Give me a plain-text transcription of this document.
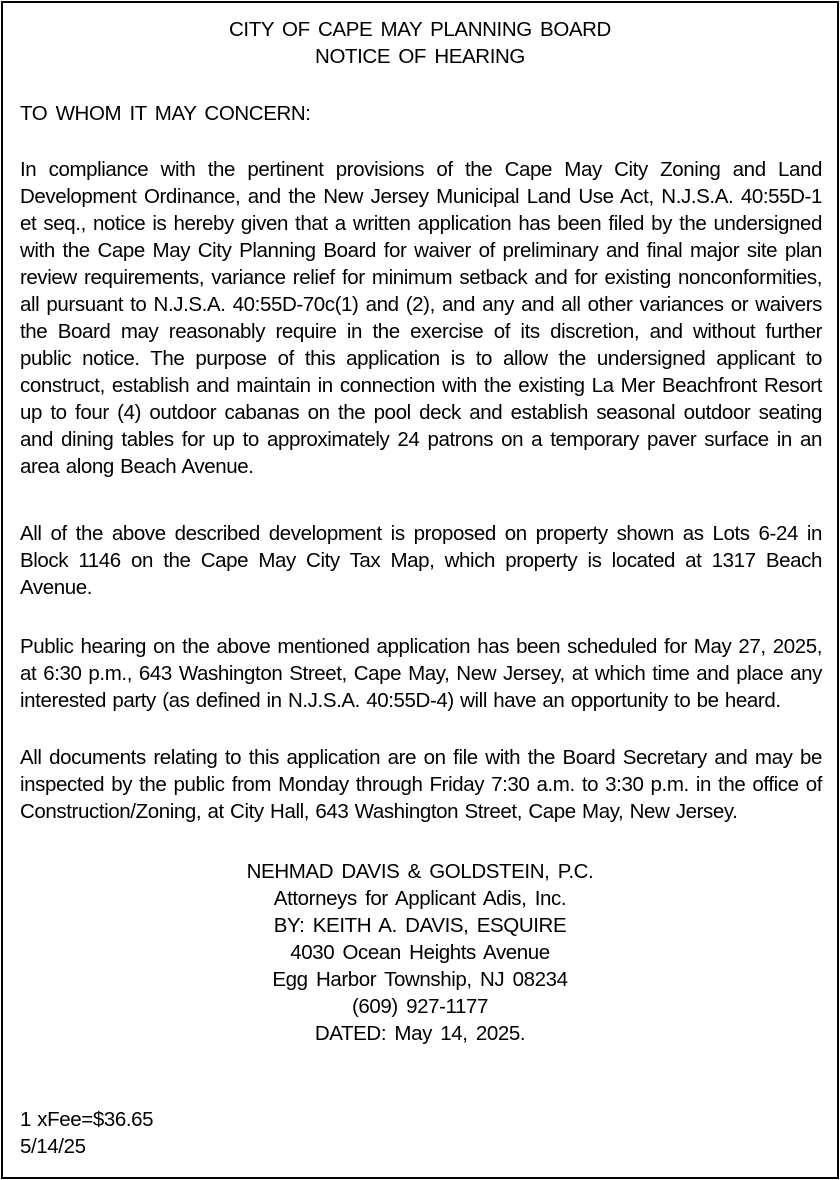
CITY OF CAPE MAY PLANNING BOARD
NOTICE OF HEARING
TO WHOM IT MAY CONCERN:

In compliance with the pertinent provisions of the Cape May City Zoning and Land Development Ordinance, and the New Jersey Municipal Land Use Act, N.J.S.A. 40:55D-1 et seq., notice is hereby given that a written application has been filed by the undersigned with the Cape May City Planning Board for waiver of preliminary and final major site plan review requirements, variance relief for minimum setback and for existing nonconformities, all pursuant to N.J.S.A. 40:55D-70c(1) and (2), and any and all other variances or waivers the Board may reasonably require in the exercise of its discretion, and without further public notice. The purpose of this application is to allow the undersigned applicant to construct, establish and maintain in connection with the existing La Mer Beachfront Resort up to four (4) outdoor cabanas on the pool deck and establish seasonal outdoor seating and dining tables for up to approximately 24 patrons on a temporary paver surface in an area along Beach Avenue.

All of the above described development is proposed on property shown as Lots 6-24 in Block 1146 on the Cape May City Tax Map, which property is located at 1317 Beach Avenue.

Public hearing on the above mentioned application has been scheduled for May 27, 2025, at 6:30 p.m., 643 Washington Street, Cape May, New Jersey, at which time and place any interested party (as defined in N.J.S.A. 40:55D-4) will have an opportunity to be heard.

All documents relating to this application are on file with the Board Secretary and may be inspected by the public from Monday through Friday 7:30 a.m. to 3:30 p.m. in the office of Construction/Zoning, at City Hall, 643 Washington Street, Cape May, New Jersey.

NEHMAD DAVIS & GOLDSTEIN, P.C.
Attorneys for Applicant Adis, Inc.
BY: KEITH A. DAVIS, ESQUIRE
4030 Ocean Heights Avenue
Egg Harbor Township, NJ 08234
(609) 927-1177
DATED: May 14, 2025.
1 xFee=$36.65
5/14/25
